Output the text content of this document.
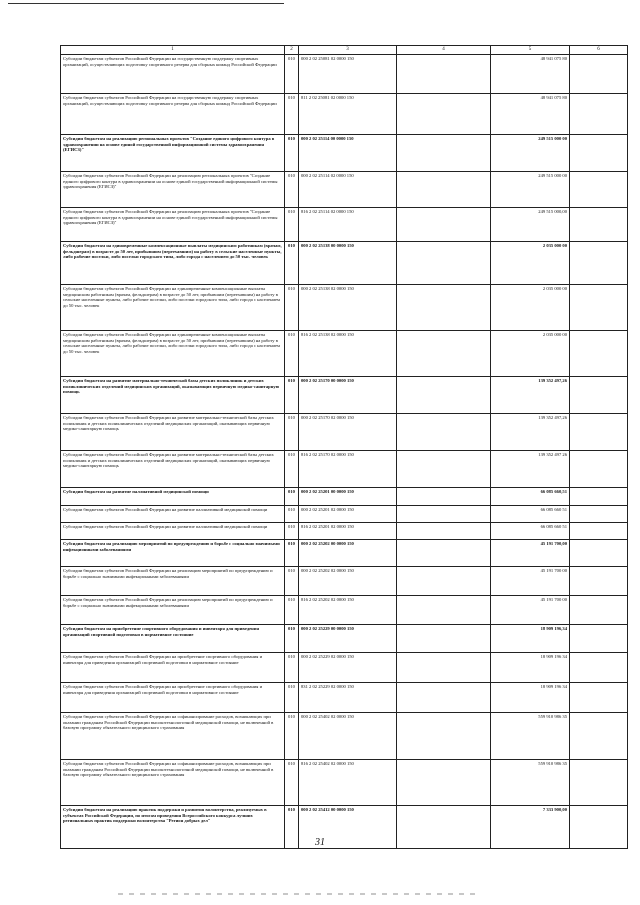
1	2	3	4	5	6
Субсидии бюджетам субъектов Российской Федерации на государственную поддержку спортивных организаций, осуществляющих подготовку спортивного резерва для сборных команд Российской Федерации	010	000 2 02 25081 02 0000 150		48 941 075 80	
Субсидии бюджетам субъектов Российской Федерации на государственную поддержку спортивных организаций, осуществляющих подготовку спортивного резерва для сборных команд Российской Федерации	010	811 2 02 25081 02 0000 150		48 941 075 80	
Субсидии бюджетам на реализацию региональных проектов "Создание единого цифрового контура в здравоохранении на основе единой государственной информационной системы здравоохранения (ЕГИСЗ)"	010	000 2 02 25114 00 0000 150		249 515 000 00	
Субсидии бюджетам субъектов Российской Федерации на реализацию региональных проектов "Создание единого цифрового контура в здравоохранении на основе единой государственной информационной системы здравоохранения (ЕГИСЗ)"	010	000 2 02 25114 02 0000 150		249 515 000 00	
Субсидии бюджетам субъектов Российской Федерации на реализацию региональных проектов "Создание единого цифрового контура в здравоохранении на основе единой государственной информационной системы здравоохранения (ЕГИСЗ)"	010	816 2 02 25114 02 0000 150		249 515 000,00	
Субсидии бюджетам на единовременные компенсационные выплаты медицинским работникам (врачам, фельдшерам) в возрасте до 50 лет, прибывшим (переехавшим) на работу в сельские населенные пункты, либо рабочие поселки, либо поселки городского типа, либо города с населением до 50 тыс. человек	010	000 2 02 25138 00 0000 150		2 035 000 00	
Субсидии бюджетам субъектов Российской Федерации на единовременные компенсационные выплаты медицинским работникам (врачам, фельдшерам) в возрасте до 50 лет, прибывшим (переехавшим) на работу в сельские населенные пункты, либо рабочие поселки, либо поселки городского типа, либо города с населением до 50 тыс. человек	010	000 2 02 25138 02 0000 150		2 035 000 00	
Субсидии бюджетам субъектов Российской Федерации на единовременные компенсационные выплаты медицинским работникам (врачам, фельдшерам) в возрасте до 50 лет, прибывшим (переехавшим) на работу в сельские населенные пункты, либо рабочие поселки, либо поселки городского типа, либо города с населением до 50 тыс. человек	010	816 2 02 25138 02 0000 150		2 035 000 00	
Субсидии бюджетам на развитие материально-технической базы детских поликлиник и детских поликлинических отделений медицинских организаций, оказывающих первичную медико-санитарную помощь	010	000 2 02 25170 00 0000 150		139 352 497,26	
Субсидии бюджетам субъектов Российской Федерации на развитие материально-технической базы детских поликлиник и детских поликлинических отделений медицинских организаций, оказывающих первичную медико-санитарную помощь	010	000 2 02 25170 02 0000 150		139 352 497,26	
Субсидии бюджетам субъектов Российской Федерации на развитие материально-технической базы детских поликлиник и детских поликлинических отделений медицинских организаций, оказывающих первичную медико-санитарную помощь	010	816 2 02 25170 02 0000 150		139 352 497 26	
Субсидии бюджетам на развитие паллиативной медицинской помощи	010	000 2 02 25201 00 0000 150		66 085 660,51	
Субсидии бюджетам субъектов Российской Федерации на развитие паллиативной медицинской помощи	010	000 2 02 25201 02 0000 150		66 085 660 51	
Субсидии бюджетам субъектов Российской Федерации на развитие паллиативной медицинской помощи	010	816 2 02 25201 02 0000 150		66 085 660 51	
Субсидии бюджетам на реализацию мероприятий по предупреждению и борьбе с социально значимыми инфекционными заболеваниями	010	000 2 02 25202 00 0000 150		45 191 700,00	
Субсидии бюджетам субъектов Российской Федерации на реализацию мероприятий по предупреждению и борьбе с социально значимыми инфекционными заболеваниями	010	000 2 02 25202 02 0000 150		45 191 700 00	
Субсидии бюджетам субъектов Российской Федерации на реализацию мероприятий по предупреждению и борьбе с социально значимыми инфекционными заболеваниями	010	816 2 02 25202 02 0000 150		45 191 700 00	
Субсидии бюджетам на приобретение спортивного оборудования и инвентаря для приведения организаций спортивной подготовки в нормативное состояние	010	000 2 02 25229 00 0000 150		18 909 196,34	
Субсидии бюджетам субъектов Российской Федерации на приобретение спортивного оборудования и инвентаря для приведения организаций спортивной подготовки в нормативное состояние	010	000 2 02 25229 02 0000 150		18 909 196 34	
Субсидии бюджетам субъектов Российской Федерации на приобретение спортивного оборудования и инвентаря для приведения организаций спортивной подготовки в нормативное состояние	010	831 2 02 25229 02 0000 150		18 909 196 34	
Субсидии бюджетам субъектов Российской Федерации на софинансирование расходов, возникающих при оказании гражданам Российской Федерации высокотехнологичной медицинской помощи, не включенной в базовую программу обязательного медицинского страхования	010	000 2 02 25402 02 0000 150		559 910 986 35	
Субсидии бюджетам субъектов Российской Федерации на софинансирование расходов, возникающих при оказании гражданам Российской Федерации высокотехнологичной медицинской помощи, не включенной в базовую программу обязательного медицинского страхования	010	816 2 02 25402 02 0000 150		559 910 986 35	
Субсидии бюджетам на реализацию практик поддержки и развития волонтерства, реализуемых в субъектах Российской Федерации, по итогам проведения Всероссийского конкурса лучших региональных практик поддержки волонтерства "Регион добрых дел"	010	000 2 02 25412 00 0000 150		7 333 900,00	
31
